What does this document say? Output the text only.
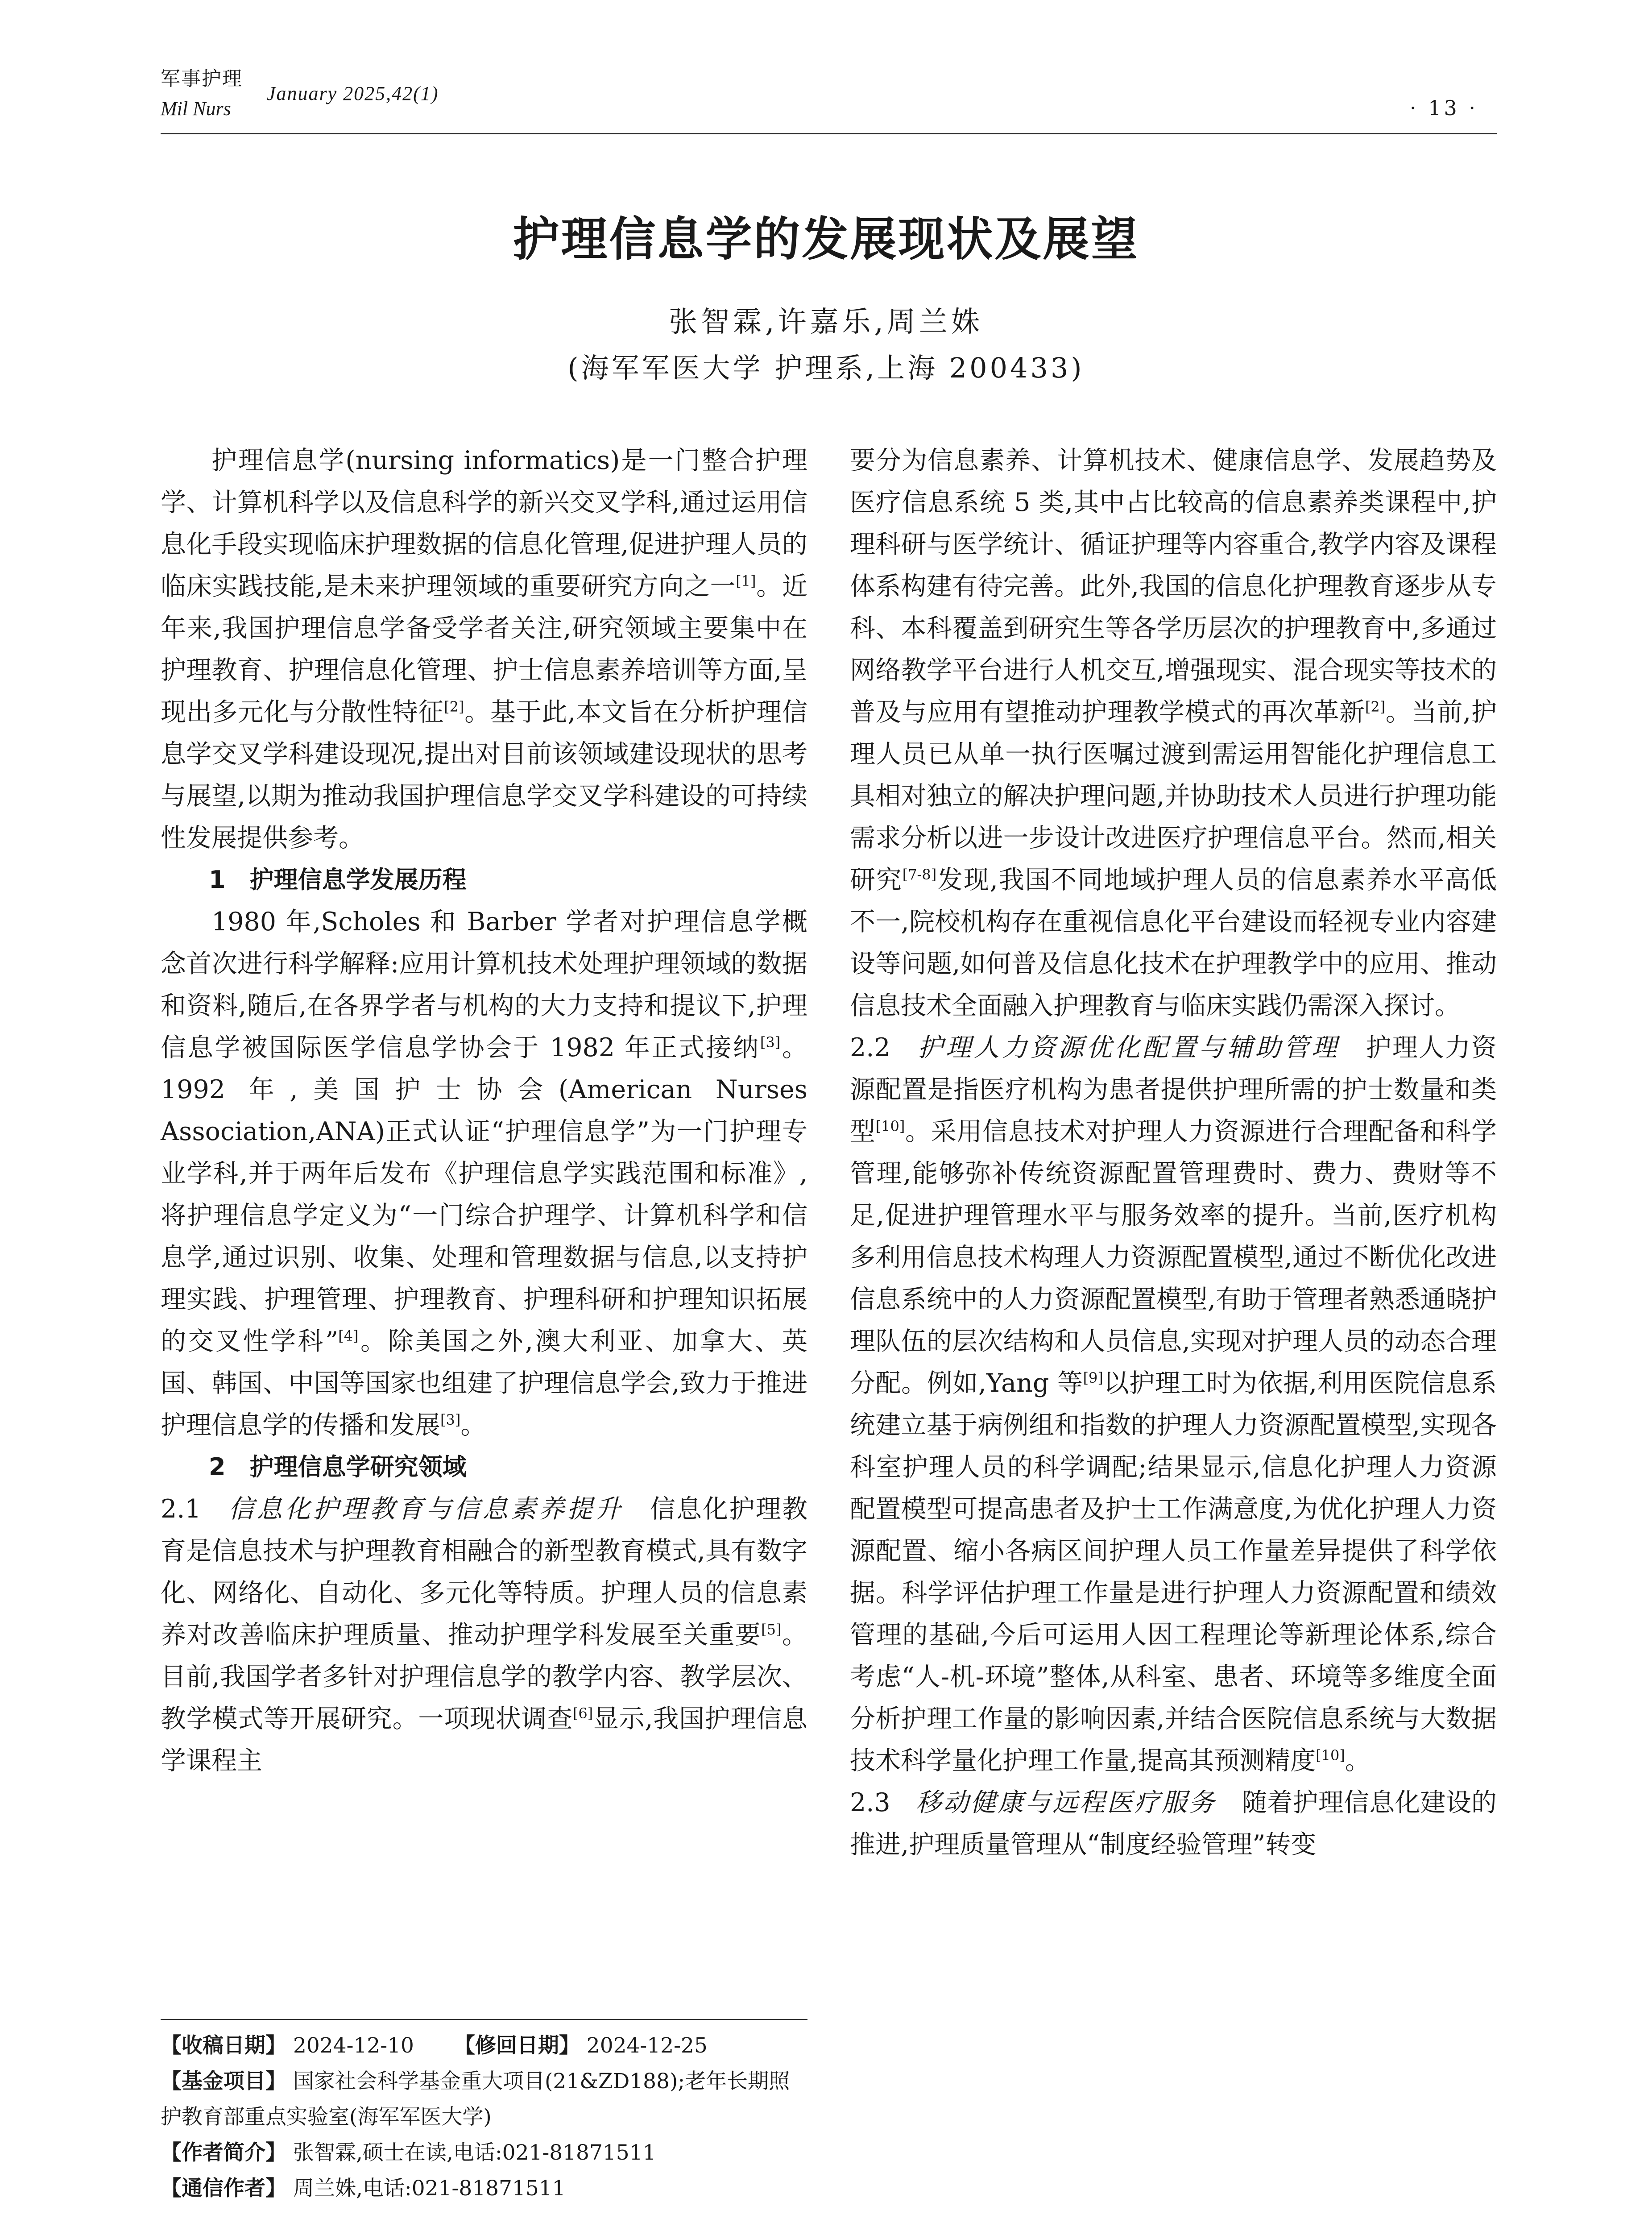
军事护理
Mil Nurs
January 2025,42(1)
· 13 ·
护理信息学的发展现状及展望
张智霖,许嘉乐,周兰姝
(海军军医大学 护理系,上海 200433)

护理信息学(nursing informatics)是一门整合护理学、计算机科学以及信息科学的新兴交叉学科,通过运用信息化手段实现临床护理数据的信息化管理,促进护理人员的临床实践技能,是未来护理领域的重要研究方向之一[1]。近年来,我国护理信息学备受学者关注,研究领域主要集中在护理教育、护理信息化管理、护士信息素养培训等方面,呈现出多元化与分散性特征[2]。基于此,本文旨在分析护理信息学交叉学科建设现况,提出对目前该领域建设现状的思考与展望,以期为推动我国护理信息学交叉学科建设的可持续性发展提供参考。

1　护理信息学发展历程

1980 年,Scholes 和 Barber 学者对护理信息学概念首次进行科学解释:应用计算机技术处理护理领域的数据和资料,随后,在各界学者与机构的大力支持和提议下,护理信息学被国际医学信息学协会于 1982 年正式接纳[3]。1992 年,美国护士协会(American Nurses Association,ANA)正式认证“护理信息学”为一门护理专业学科,并于两年后发布《护理信息学实践范围和标准》,将护理信息学定义为“一门综合护理学、计算机科学和信息学,通过识别、收集、处理和管理数据与信息,以支持护理实践、护理管理、护理教育、护理科研和护理知识拓展的交叉性学科”[4]。除美国之外,澳大利亚、加拿大、英国、韩国、中国等国家也组建了护理信息学会,致力于推进护理信息学的传播和发展[3]。

2　护理信息学研究领域

2.1　 信息化护理教育与信息素养提升　 信息化护理教育是信息技术与护理教育相融合的新型教育模式,具有数字化、网络化、自动化、多元化等特质。护理人员的信息素养对改善临床护理质量、推动护理学科发展至关重要[5]。目前,我国学者多针对护理信息学的教学内容、教学层次、教学模式等开展研究。一项现状调查[6]显示,我国护理信息学课程主

要分为信息素养、计算机技术、健康信息学、发展趋势及医疗信息系统 5 类,其中占比较高的信息素养类课程中,护理科研与医学统计、循证护理等内容重合,教学内容及课程体系构建有待完善。此外,我国的信息化护理教育逐步从专科、本科覆盖到研究生等各学历层次的护理教育中,多通过网络教学平台进行人机交互,增强现实、混合现实等技术的普及与应用有望推动护理教学模式的再次革新[2]。当前,护理人员已从单一执行医嘱过渡到需运用智能化护理信息工具相对独立的解决护理问题,并协助技术人员进行护理功能需求分析以进一步设计改进医疗护理信息平台。然而,相关研究[7-8]发现,我国不同地域护理人员的信息素养水平高低不一,院校机构存在重视信息化平台建设而轻视专业内容建设等问题,如何普及信息化技术在护理教学中的应用、推动信息技术全面融入护理教育与临床实践仍需深入探讨。

2.2　 护理人力资源优化配置与辅助管理　 护理人力资源配置是指医疗机构为患者提供护理所需的护士数量和类型[10]。采用信息技术对护理人力资源进行合理配备和科学管理,能够弥补传统资源配置管理费时、费力、费财等不足,促进护理管理水平与服务效率的提升。当前,医疗机构多利用信息技术构理人力资源配置模型,通过不断优化改进信息系统中的人力资源配置模型,有助于管理者熟悉通晓护理队伍的层次结构和人员信息,实现对护理人员的动态合理分配。例如,Yang 等[9]以护理工时为依据,利用医院信息系统建立基于病例组和指数的护理人力资源配置模型,实现各科室护理人员的科学调配;结果显示,信息化护理人力资源配置模型可提高患者及护士工作满意度,为优化护理人力资源配置、缩小各病区间护理人员工作量差异提供了科学依据。科学评估护理工作量是进行护理人力资源配置和绩效管理的基础,今后可运用人因工程理论等新理论体系,综合考虑“人-机-环境”整体,从科室、患者、环境等多维度全面分析护理工作量的影响因素,并结合医院信息系统与大数据技术科学量化护理工作量,提高其预测精度[10]。

2.3　 移动健康与远程医疗服务　 随着护理信息化建设的推进,护理质量管理从“制度经验管理”转变

【收稿日期】 2024-12-10 【修回日期】 2024-12-25

【基金项目】 国家社会科学基金重大项目(21&ZD188);老年长期照护教育部重点实验室(海军军医大学)

【作者简介】 张智霖,硕士在读,电话:021-81871511

【通信作者】 周兰姝,电话:021-81871511
